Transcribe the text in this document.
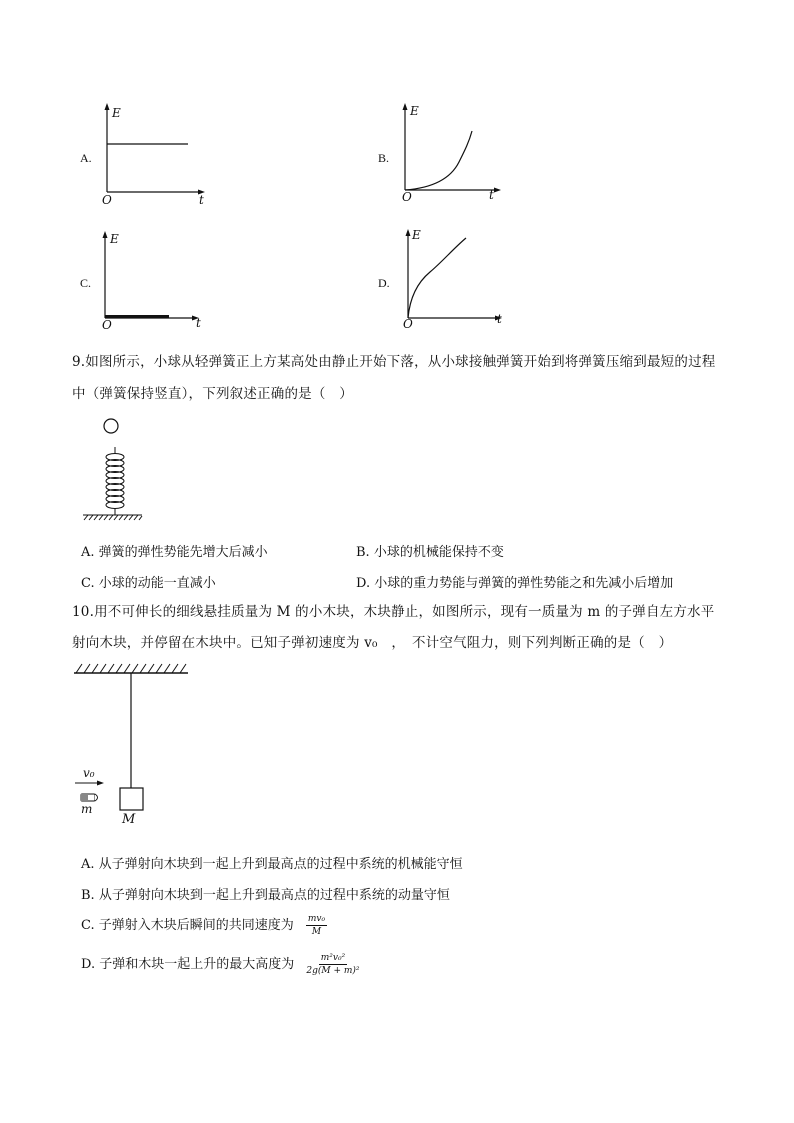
A.
E
O	t
B.
E
O	t
C.
E
O	t
D.
E
O	t
9.如图所示，小球从轻弹簧正上方某高处由静止开始下落，从小球接触弹簧开始到将弹簧压缩到最短的过程
中（弹簧保持竖直），下列叙述正确的是（　）
A. 弹簧的弹性势能先增大后减小	B. 小球的机械能保持不变
C. 小球的动能一直减小	D. 小球的重力势能与弹簧的弹性势能之和先减小后增加
10.用不可伸长的细线悬挂质量为 M 的小木块，木块静止，如图所示，现有一质量为 m 的子弹自左方水平
射向木块，并停留在木块中。已知子弹初速度为 v₀　，　不计空气阻力，则下列判断正确的是（　）
v₀
m
M
A. 从子弹射向木块到一起上升到最高点的过程中系统的机械能守恒
B. 从子弹射向木块到一起上升到最高点的过程中系统的动量守恒
C. 子弹射入木块后瞬间的共同速度为 $\frac{\text{mv₀}}{M}$
D. 子弹和木块一起上升的最大高度为 $\frac{\text{m²v₀²}}{\text{2g(M + m)²}}$
